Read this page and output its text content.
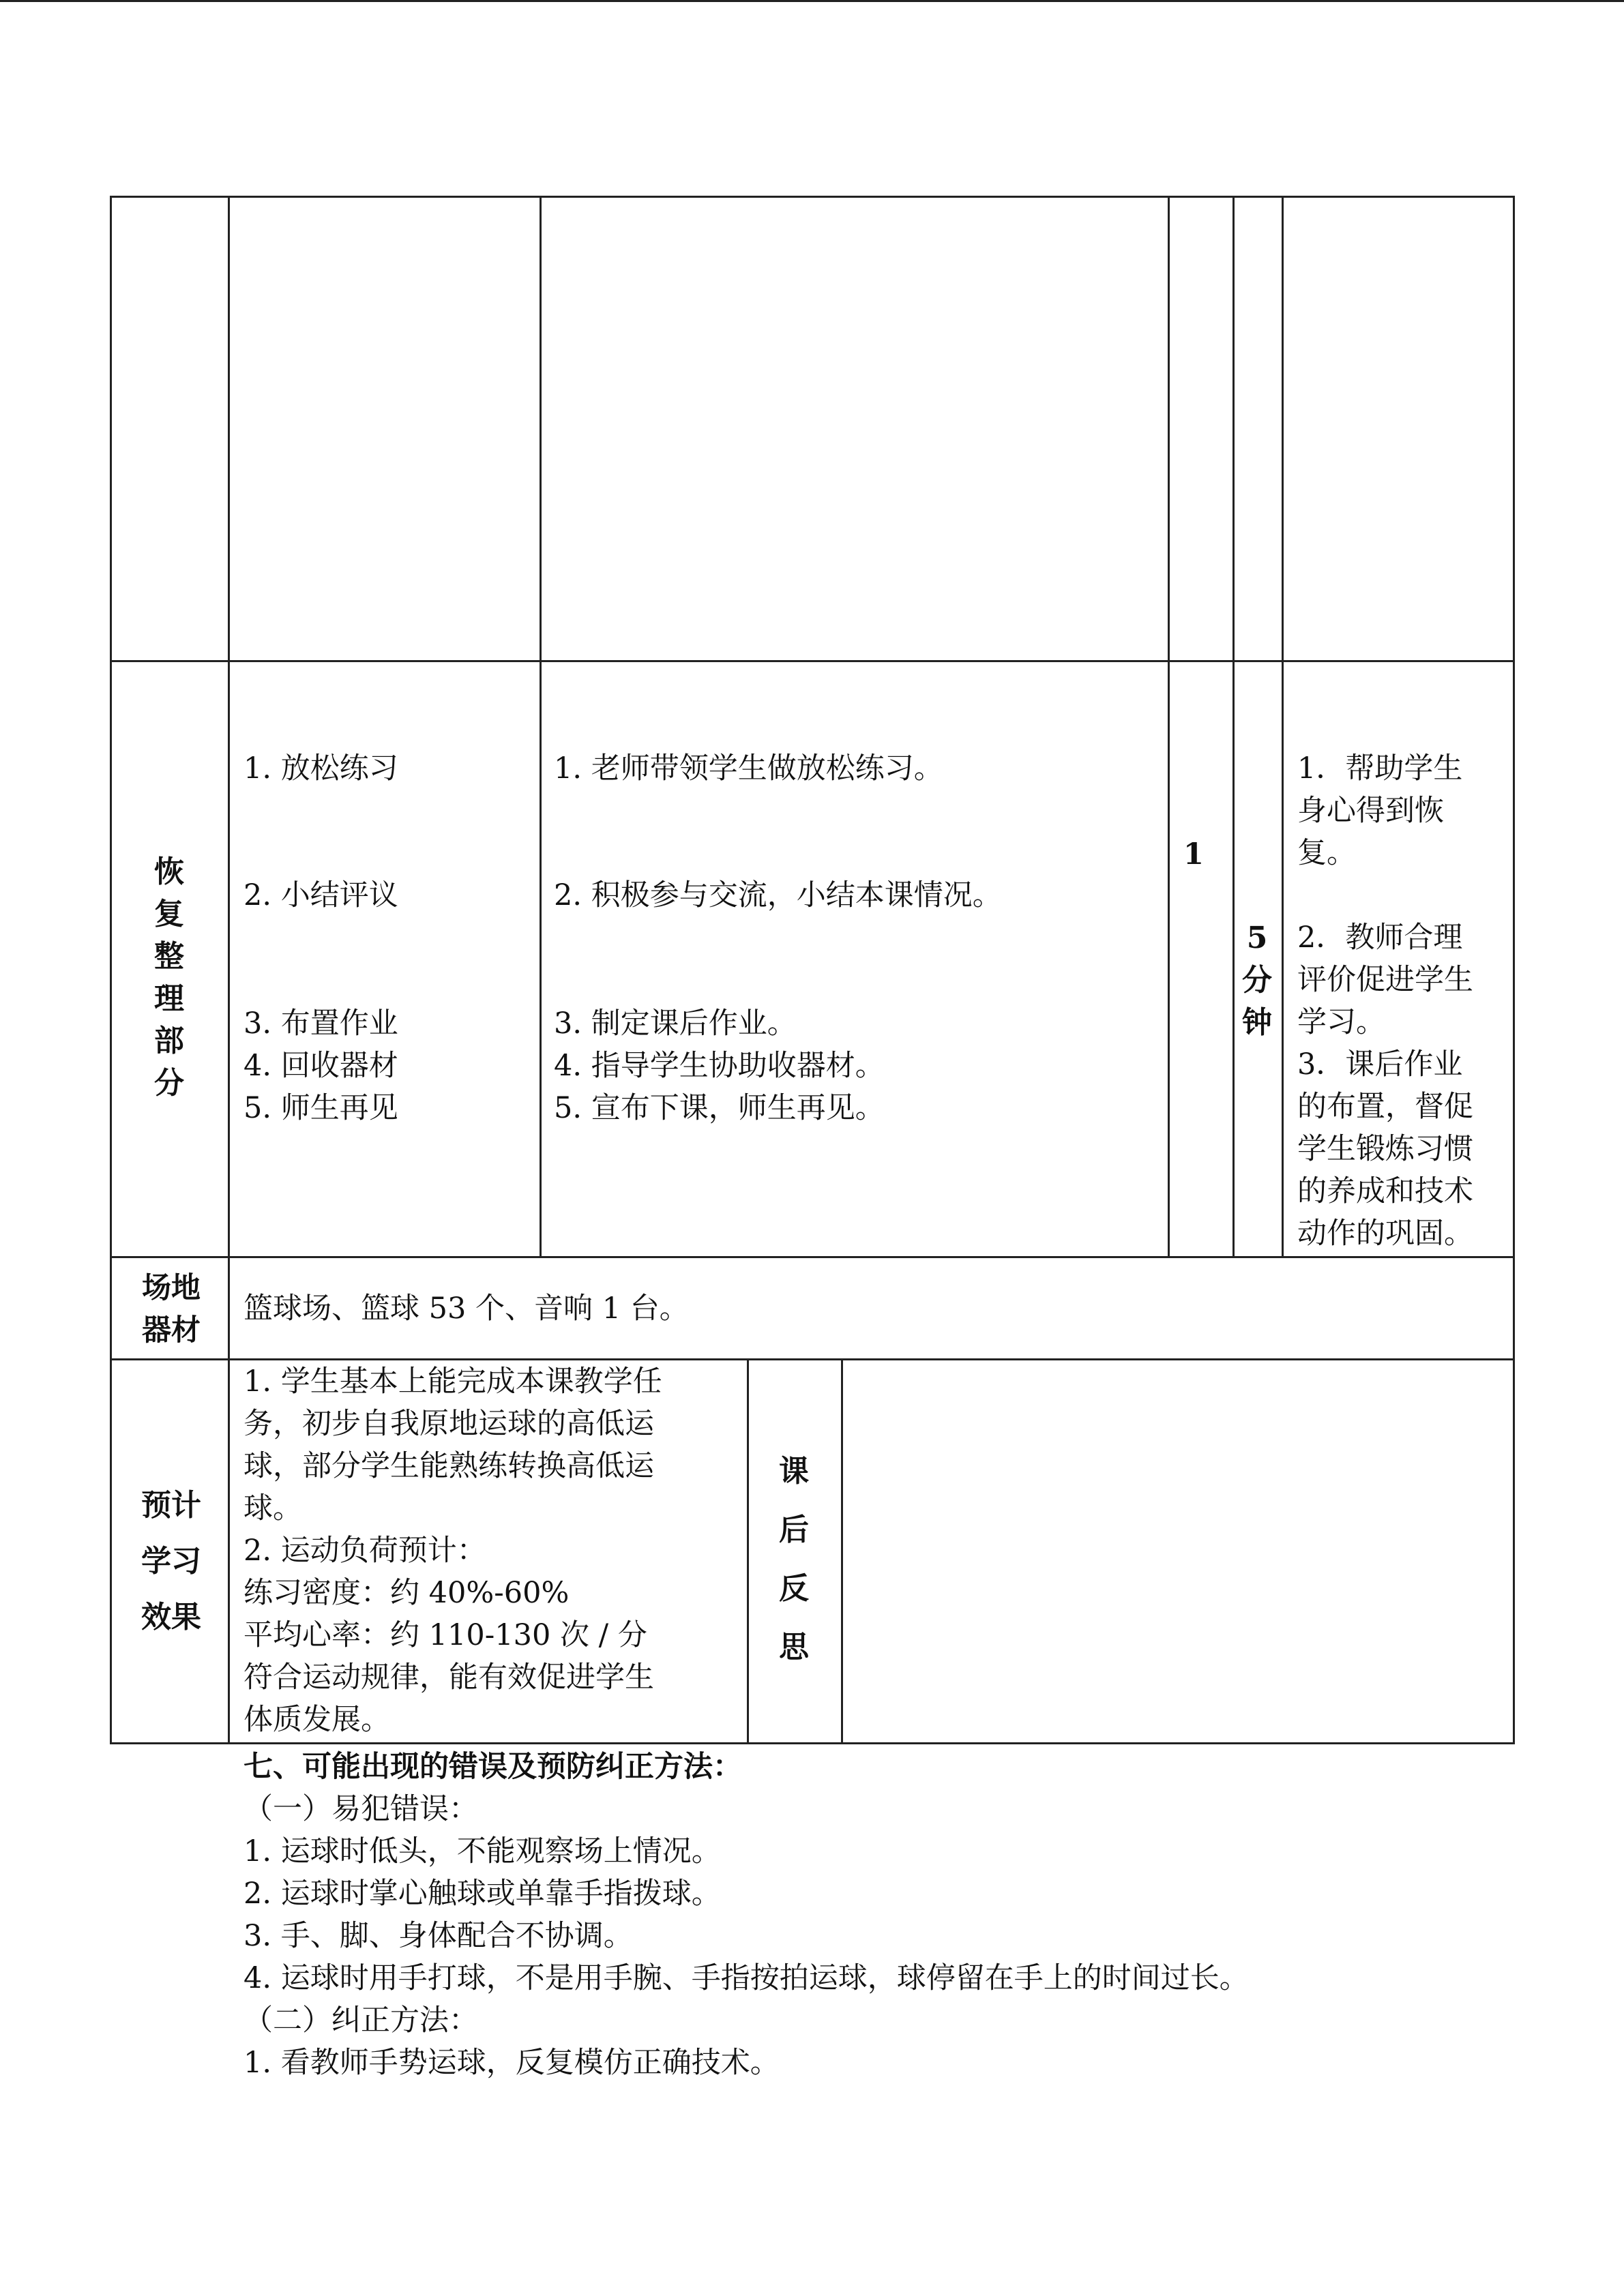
恢
复
整
理
部
分
1. 放松练习
2. 小结评议
3. 布置作业
4. 回收器材
5. 师生再见
1. 老师带领学生做放松练习。
2. 积极参与交流，小结本课情况。
3. 制定课后作业。
4. 指导学生协助收器材。
5. 宣布下课，师生再见。
1
5
分
钟
1．帮助学生
身心得到恢
复。
2．教师合理
评价促进学生
学习。
3．课后作业
的布置，督促
学生锻炼习惯
的养成和技术
动作的巩固。
场地
器材
篮球场、篮球 53 个、音响 1 台。
预计
学习
效果
1. 学生基本上能完成本课教学任
务，初步自我原地运球的高低运
球，部分学生能熟练转换高低运
球。
2. 运动负荷预计：
练习密度：约 40%-60%
平均心率：约 110-130 次 / 分
符合运动规律，能有效促进学生
体质发展。
课
后
反
思
七、可能出现的错误及预防纠正方法：
（一）易犯错误：
1. 运球时低头，不能观察场上情况。
2. 运球时掌心触球或单靠手指拨球。
3. 手、脚、身体配合不协调。
4. 运球时用手打球，不是用手腕、手指按拍运球，球停留在手上的时间过长。
（二）纠正方法：
1. 看教师手势运球，反复模仿正确技术。
